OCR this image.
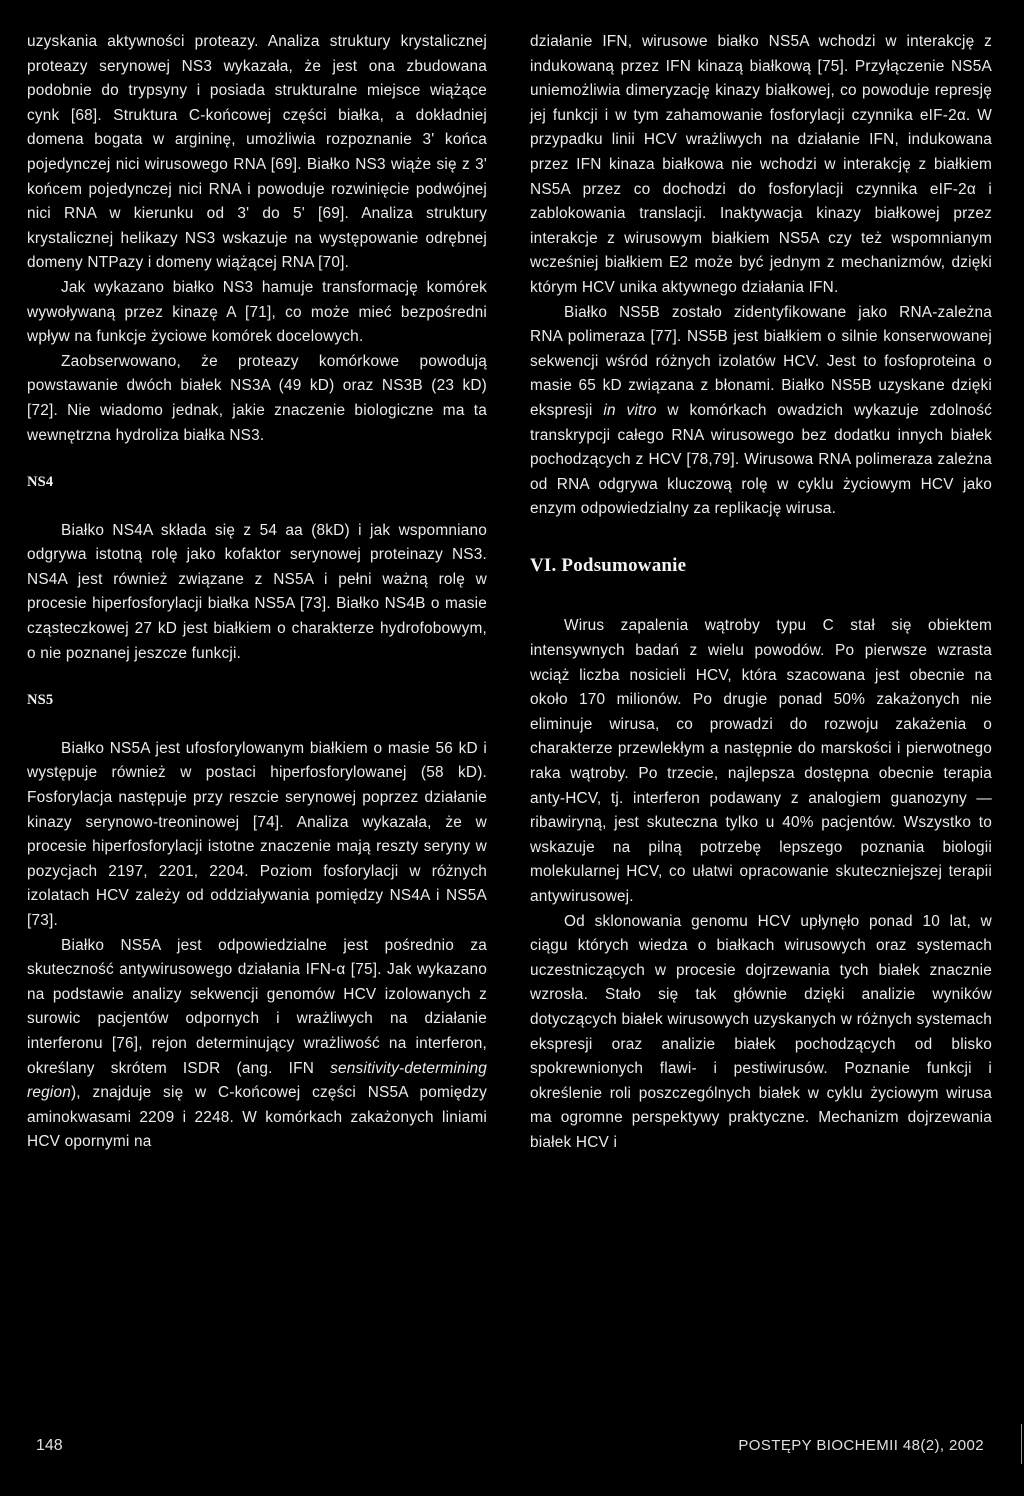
uzyskania aktywności proteazy. Analiza struktury krystalicznej proteazy serynowej NS3 wykazała, że jest ona zbudowana podobnie do trypsyny i posiada strukturalne miejsce wiążące cynk [68]. Struktura C-końcowej części białka, a dokładniej domena bogata w argininę, umożliwia rozpoznanie 3' końca pojedynczej nici wirusowego RNA [69]. Białko NS3 wiąże się z 3' końcem pojedynczej nici RNA i powoduje rozwinięcie podwójnej nici RNA w kierunku od 3' do 5' [69]. Analiza struktury krystalicznej helikazy NS3 wskazuje na występowanie odrębnej domeny NTPazy i domeny wiążącej RNA [70].

Jak wykazano białko NS3 hamuje transformację komórek wywoływaną przez kinazę A [71], co może mieć bezpośredni wpływ na funkcje życiowe komórek docelowych.

Zaobserwowano, że proteazy komórkowe powodują powstawanie dwóch białek NS3A (49 kD) oraz NS3B (23 kD) [72]. Nie wiadomo jednak, jakie znaczenie biologiczne ma ta wewnętrzna hydroliza białka NS3.

NS4

Białko NS4A składa się z 54 aa (8kD) i jak wspomniano odgrywa istotną rolę jako kofaktor serynowej proteinazy NS3. NS4A jest również związane z NS5A i pełni ważną rolę w procesie hiperfosforylacji białka NS5A [73]. Białko NS4B o masie cząsteczkowej 27 kD jest białkiem o charakterze hydrofobowym, o nie poznanej jeszcze funkcji.

NS5

Białko NS5A jest ufosforylowanym białkiem o masie 56 kD i występuje również w postaci hiperfosforylowanej (58 kD). Fosforylacja następuje przy reszcie serynowej poprzez działanie kinazy serynowo-treoninowej [74]. Analiza wykazała, że w procesie hiperfosforylacji istotne znaczenie mają reszty seryny w pozycjach 2197, 2201, 2204. Poziom fosforylacji w różnych izolatach HCV zależy od oddziaływania pomiędzy NS4A i NS5A [73].

Białko NS5A jest odpowiedzialne jest pośrednio za skuteczność antywirusowego działania IFN-α [75]. Jak wykazano na podstawie analizy sekwencji genomów HCV izolowanych z surowic pacjentów odpornych i wrażliwych na działanie interferonu [76], rejon determinujący wrażliwość na interferon, określany skrótem ISDR (ang. IFN sensitivity-determining region), znajduje się w C-końcowej części NS5A pomiędzy aminokwasami 2209 i 2248. W komórkach zakażonych liniami HCV opornymi na

działanie IFN, wirusowe białko NS5A wchodzi w interakcję z indukowaną przez IFN kinazą białkową [75]. Przyłączenie NS5A uniemożliwia dimeryzację kinazy białkowej, co powoduje represję jej funkcji i w tym zahamowanie fosforylacji czynnika eIF-2α. W przypadku linii HCV wrażliwych na działanie IFN, indukowana przez IFN kinaza białkowa nie wchodzi w interakcję z białkiem NS5A przez co dochodzi do fosforylacji czynnika eIF-2α i zablokowania translacji. Inaktywacja kinazy białkowej przez interakcje z wirusowym białkiem NS5A czy też wspomnianym wcześniej białkiem E2 może być jednym z mechanizmów, dzięki którym HCV unika aktywnego działania IFN.

Białko NS5B zostało zidentyfikowane jako RNA-zależna RNA polimeraza [77]. NS5B jest białkiem o silnie konserwowanej sekwencji wśród różnych izolatów HCV. Jest to fosfoproteina o masie 65 kD związana z błonami. Białko NS5B uzyskane dzięki ekspresji in vitro w komórkach owadzich wykazuje zdolność transkrypcji całego RNA wirusowego bez dodatku innych białek pochodzących z HCV [78,79]. Wirusowa RNA polimeraza zależna od RNA odgrywa kluczową rolę w cyklu życiowym HCV jako enzym odpowiedzialny za replikację wirusa.

VI. Podsumowanie

Wirus zapalenia wątroby typu C stał się obiektem intensywnych badań z wielu powodów. Po pierwsze wzrasta wciąż liczba nosicieli HCV, która szacowana jest obecnie na około 170 milionów. Po drugie ponad 50% zakażonych nie eliminuje wirusa, co prowadzi do rozwoju zakażenia o charakterze przewlekłym a następnie do marskości i pierwotnego raka wątroby. Po trzecie, najlepsza dostępna obecnie terapia anty-HCV, tj. interferon podawany z analogiem guanozyny — ribawiryną, jest skuteczna tylko u 40% pacjentów. Wszystko to wskazuje na pilną potrzebę lepszego poznania biologii molekularnej HCV, co ułatwi opracowanie skuteczniejszej terapii antywirusowej.

Od sklonowania genomu HCV upłynęło ponad 10 lat, w ciągu których wiedza o białkach wirusowych oraz systemach uczestniczących w procesie dojrzewania tych białek znacznie wzrosła. Stało się tak głównie dzięki analizie wyników dotyczących białek wirusowych uzyskanych w różnych systemach ekspresji oraz analizie białek pochodzących od blisko spokrewnionych flawi- i pestiwirusów. Poznanie funkcji i określenie roli poszczególnych białek w cyklu życiowym wirusa ma ogromne perspektywy praktyczne. Mechanizm dojrzewania białek HCV i

148	POSTĘPY BIOCHEMII 48(2), 2002
